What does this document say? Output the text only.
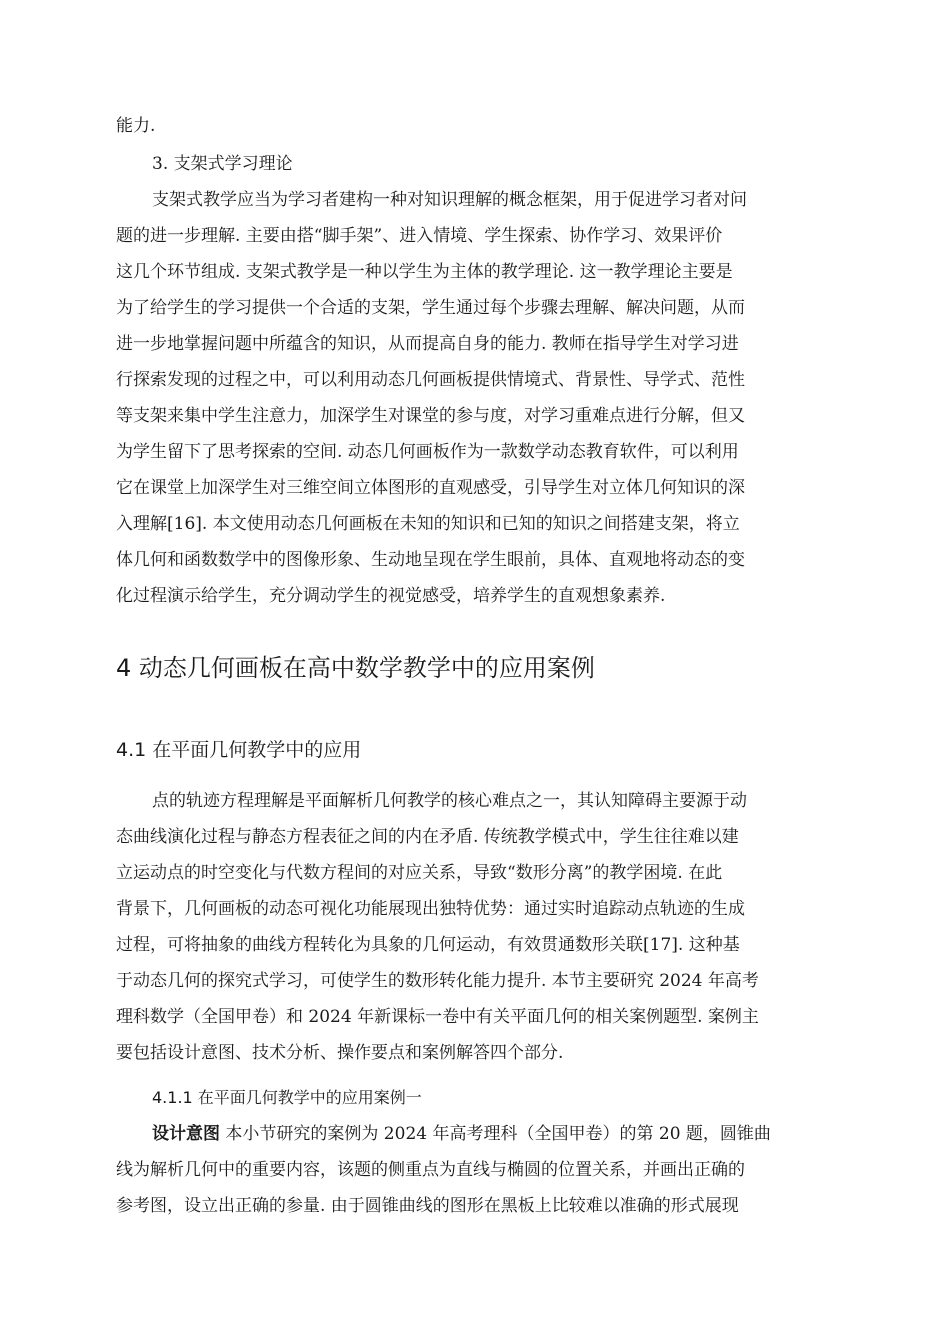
能力.
3. 支架式学习理论
支架式教学应当为学习者建构一种对知识理解的概念框架，用于促进学习者对问
题的进一步理解. 主要由搭“脚手架”、进入情境、学生探索、协作学习、效果评价
这几个环节组成. 支架式教学是一种以学生为主体的教学理论. 这一教学理论主要是
为了给学生的学习提供一个合适的支架，学生通过每个步骤去理解、解决问题，从而
进一步地掌握问题中所蕴含的知识，从而提高自身的能力. 教师在指导学生对学习进
行探索发现的过程之中，可以利用动态几何画板提供情境式、背景性、导学式、范性
等支架来集中学生注意力，加深学生对课堂的参与度，对学习重难点进行分解，但又
为学生留下了思考探索的空间. 动态几何画板作为一款数学动态教育软件，可以利用
它在课堂上加深学生对三维空间立体图形的直观感受，引导学生对立体几何知识的深
入理解[16]. 本文使用动态几何画板在未知的知识和已知的知识之间搭建支架，将立
体几何和函数数学中的图像形象、生动地呈现在学生眼前，具体、直观地将动态的变
化过程演示给学生，充分调动学生的视觉感受，培养学生的直观想象素养.
4 动态几何画板在高中数学教学中的应用案例
4.1 在平面几何教学中的应用
点的轨迹方程理解是平面解析几何教学的核心难点之一，其认知障碍主要源于动
态曲线演化过程与静态方程表征之间的内在矛盾. 传统教学模式中，学生往往难以建
立运动点的时空变化与代数方程间的对应关系，导致“数形分离”的教学困境. 在此
背景下，几何画板的动态可视化功能展现出独特优势：通过实时追踪动点轨迹的生成
过程，可将抽象的曲线方程转化为具象的几何运动，有效贯通数形关联[17]. 这种基
于动态几何的探究式学习，可使学生的数形转化能力提升. 本节主要研究 2024 年高考
理科数学（全国甲卷）和 2024 年新课标一卷中有关平面几何的相关案例题型. 案例主
要包括设计意图、技术分析、操作要点和案例解答四个部分.
4.1.1 在平面几何教学中的应用案例一
设计意图 本小节研究的案例为 2024 年高考理科（全国甲卷）的第 20 题，圆锥曲
线为解析几何中的重要内容，该题的侧重点为直线与椭圆的位置关系，并画出正确的
参考图，设立出正确的参量. 由于圆锥曲线的图形在黑板上比较难以准确的形式展现
